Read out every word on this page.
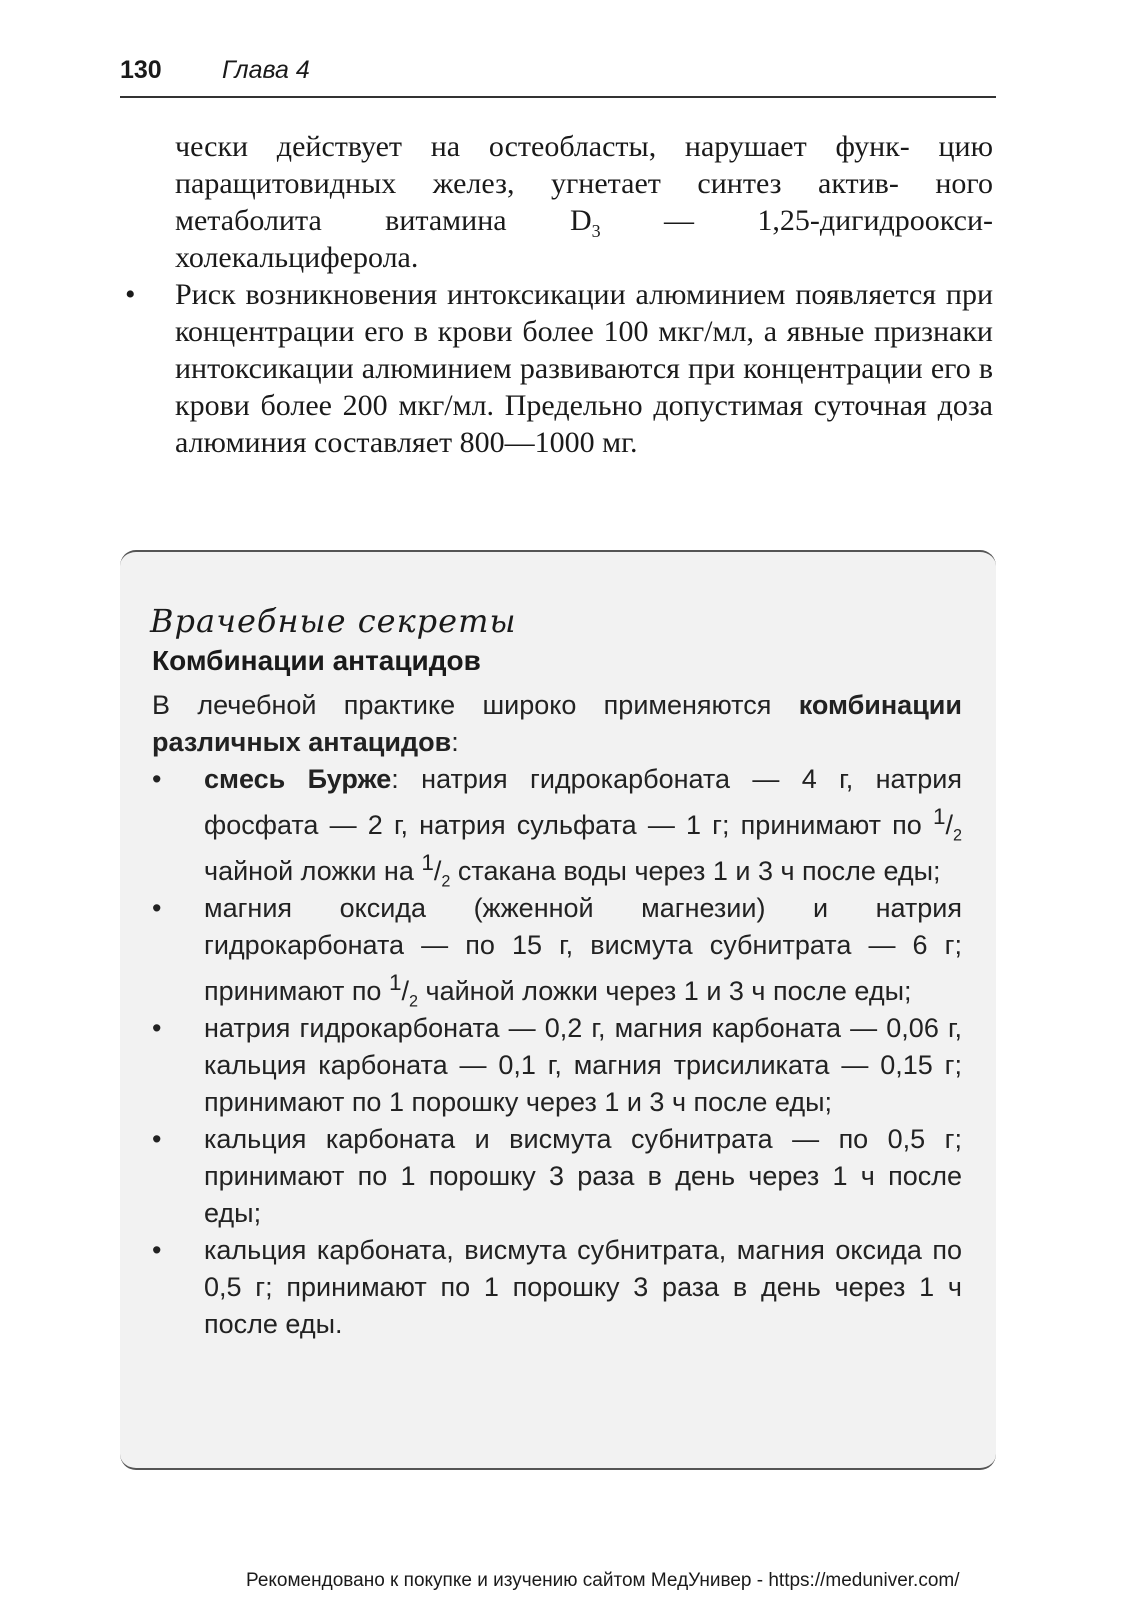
130 Глава 4

чески действует на остеобласты, нарушает функ- цию паращитовидных желез, угнетает синтез актив- ного метаболита витамина $D_3$ — 1,25-дигидроокси- холекальциферола.

• Риск возникновения интоксикации алюминием появляется при концентрации его в крови более 100 мкг/мл, а явные признаки интоксикации алюминием развиваются при концентрации его в крови более 200 мкг/мл. Предельно допустимая суточная доза алюминия составляет 800—1000 мг.

Врачебные секреты
Комбинации антацидов

В лечебной практике широко применяются комбинации различных антацидов:

• смесь Бурже: натрия гидрокарбоната — 4 г, натрия фосфата — 2 г, натрия сульфата — 1 г; принимают по $^1/_2$ чайной ложки на $^1/_2$ стакана воды через 1 и 3 ч после еды;
• магния оксида (жженной магнезии) и натрия гидрокарбоната — по 15 г, висмута субнитрата — 6 г; принимают по $^1/_2$ чайной ложки через 1 и 3 ч после еды;
• натрия гидрокарбоната — 0,2 г, магния карбоната — 0,06 г, кальция карбоната — 0,1 г, магния трисиликата — 0,15 г; принимают по 1 порошку через 1 и 3 ч после еды;
• кальция карбоната и висмута субнитрата — по 0,5 г; принимают по 1 порошку 3 раза в день через 1 ч после еды;
• кальция карбоната, висмута субнитрата, магния оксида по 0,5 г; принимают по 1 порошку 3 раза в день через 1 ч после еды.
Рекомендовано к покупке и изучению сайтом МедУнивер - https://meduniver.com/
